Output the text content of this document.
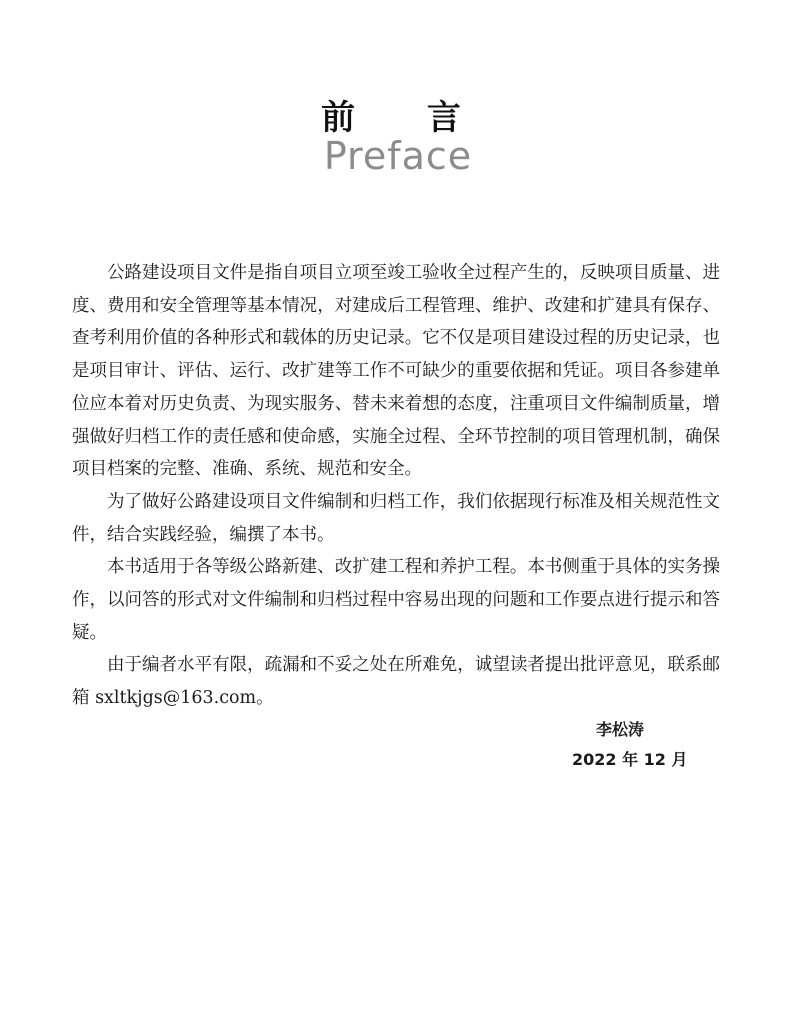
前 言
Preface

公路建设项目文件是指自项目立项至竣工验收全过程产生的，反映项目质量、进度、费用和安全管理等基本情况，对建成后工程管理、维护、改建和扩建具有保存、查考利用价值的各种形式和载体的历史记录。它不仅是项目建设过程的历史记录，也是项目审计、评估、运行、改扩建等工作不可缺少的重要依据和凭证。项目各参建单位应本着对历史负责、为现实服务、替未来着想的态度，注重项目文件编制质量，增强做好归档工作的责任感和使命感，实施全过程、全环节控制的项目管理机制，确保项目档案的完整、准确、系统、规范和安全。

为了做好公路建设项目文件编制和归档工作，我们依据现行标准及相关规范性文件，结合实践经验，编撰了本书。

本书适用于各等级公路新建、改扩建工程和养护工程。本书侧重于具体的实务操作，以问答的形式对文件编制和归档过程中容易出现的问题和工作要点进行提示和答疑。

由于编者水平有限，疏漏和不妥之处在所难免，诚望读者提出批评意见，联系邮箱 sxltkjgs@163.com。

李松涛
2022 年 12 月
